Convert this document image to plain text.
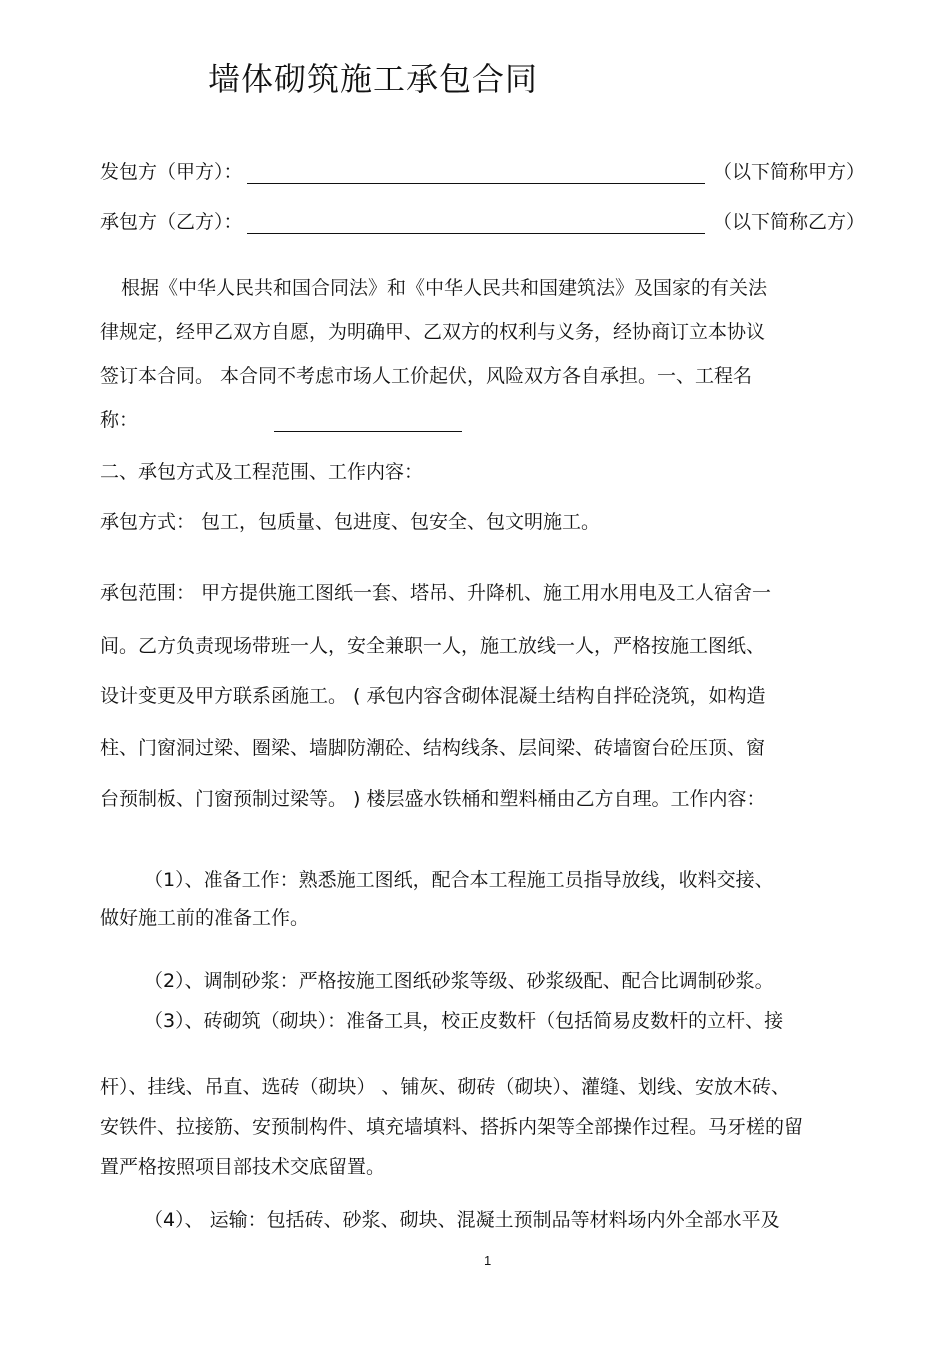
墙体砌筑施工承包合同
发包方（甲方）：	（以下简称甲方）
承包方（乙方）：	（以下简称乙方）
根据《中华人民共和国合同法》和《中华人民共和国建筑法》及国家的有关法
律规定，经甲乙双方自愿，为明确甲、乙双方的权利与义务，经协商订立本协议
签订本合同。 本合同不考虑市场人工价起伏，风险双方各自承担。一、工程名
称：
二、承包方式及工程范围、工作内容：
承包方式： 包工，包质量、包进度、包安全、包文明施工。
承包范围： 甲方提供施工图纸一套、塔吊、升降机、施工用水用电及工人宿舍一
间。乙方负责现场带班一人，安全兼职一人，施工放线一人，严格按施工图纸、
设计变更及甲方联系函施工。 ( 承包内容含砌体混凝土结构自拌砼浇筑，如构造
柱、门窗洞过梁、圈梁、墙脚防潮砼、结构线条、层间梁、砖墙窗台砼压顶、窗
台预制板、门窗预制过梁等。 ) 楼层盛水铁桶和塑料桶由乙方自理。工作内容：
（1）、准备工作：熟悉施工图纸，配合本工程施工员指导放线，收料交接、
做好施工前的准备工作。
（2）、调制砂浆：严格按施工图纸砂浆等级、砂浆级配、配合比调制砂浆。
（3）、砖砌筑（砌块）：准备工具，校正皮数杆（包括简易皮数杆的立杆、接
杆）、挂线、吊直、选砖（砌块） 、铺灰、砌砖（砌块）、灌缝、划线、安放木砖、
安铁件、拉接筋、安预制构件、填充墙填料、搭拆内架等全部操作过程。马牙槎的留
置严格按照项目部技术交底留置。
（4）、 运输：包括砖、砂浆、砌块、混凝土预制品等材料场内外全部水平及
1
